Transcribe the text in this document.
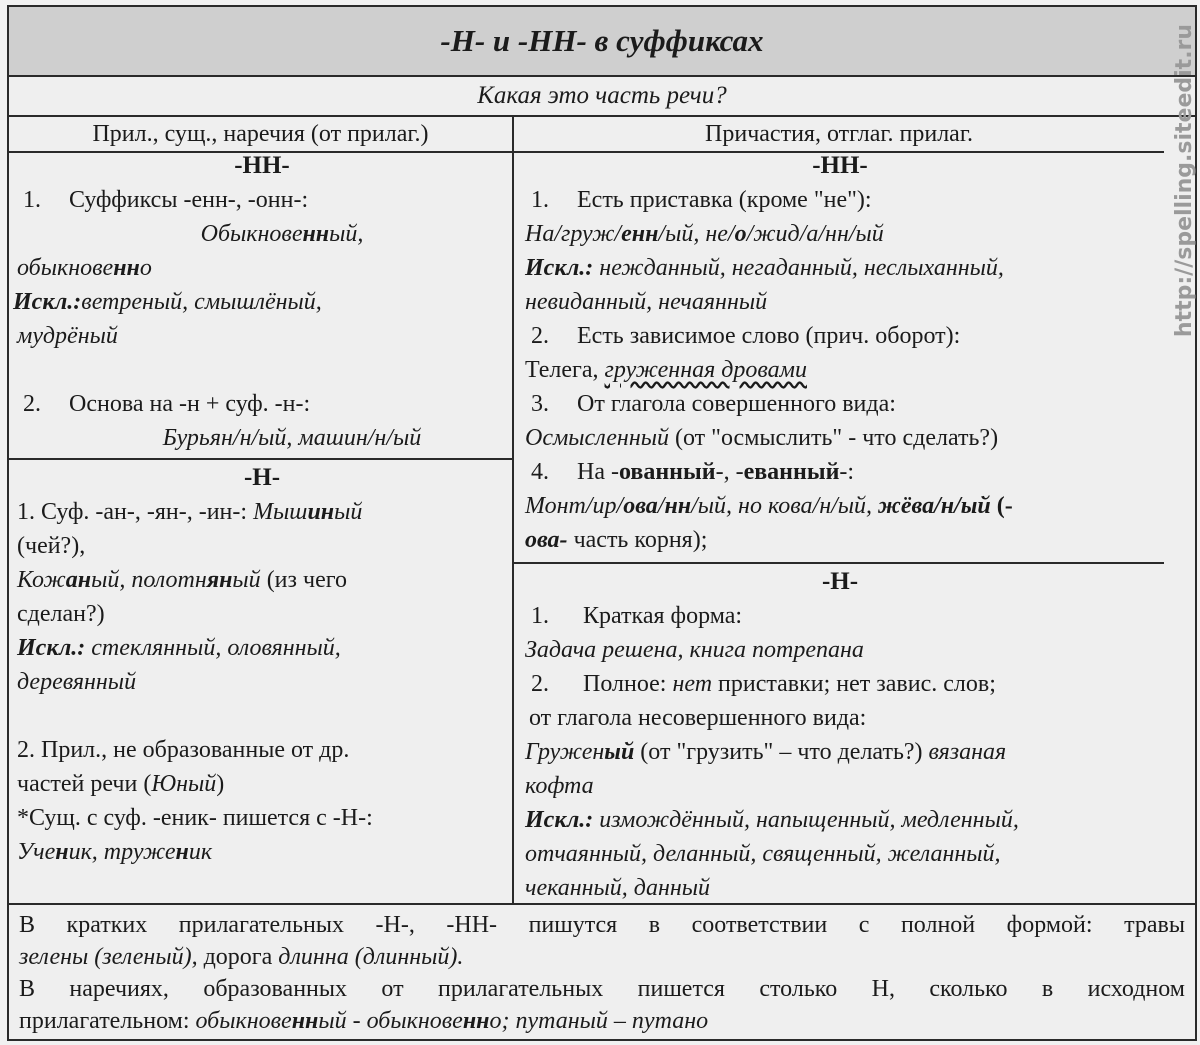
-Н- и -НН- в суффиксах
Какая это часть речи?
Прил., сущ., наречия (от прилаг.)	Причастия, отглаг. прилаг.
-НН-
1. Суффиксы -енн-, -онн-:
Обыкновенный,
обыкновенно
Искл.:ветреный, смышлёный,
мудрёный
2. Основа на -н + суф. -н-:
Бурьян/н/ый, машин/н/ый
-Н-
1. Суф. -ан-, -ян-, -ин-: Мышиный
(чей?),
Кожаный, полотняный (из чего
сделан?)
Искл.: стеклянный, оловянный,
деревянный
2. Прил., не образованные от др.
частей речи (Юный)
*Сущ. с суф. -еник- пишется с -Н-:
Ученик, труженик
-НН-
1. Есть приставка (кроме "не"):
На/груж/енн/ый, не/о/жид/а/нн/ый
Искл.: нежданный, негаданный, неслыханный,
невиданный, нечаянный
2. Есть зависимое слово (прич. оборот):
Телега, груженная дровами
3. От глагола совершенного вида:
Осмысленный (от "осмыслить" - что сделать?)
4. На -ованный-, -еванный-:
Монт/ир/ова/нн/ый, но кова/н/ый, жёва/н/ый (-
ова- часть корня);
-Н-
1. Краткая форма:
Задача решена, книга потрепана
2. Полное: нет приставки; нет завис. слов;
от глагола несовершенного вида:
Груженый (от "грузить" – что делать?) вязаная
кофта
Искл.: измождённый, напыщенный, медленный,
отчаянный, деланный, священный, желанный,
чеканный, данный
В кратких прилагательных -Н-, -НН- пишутся в соответствии с полной формой: травы
зелены (зеленый), дорога длинна (длинный).
В наречиях, образованных от прилагательных пишется столько Н, сколько в исходном
прилагательном: обыкновенный - обыкновенно; путаный – путано
http://spelling.siteedit.ru
